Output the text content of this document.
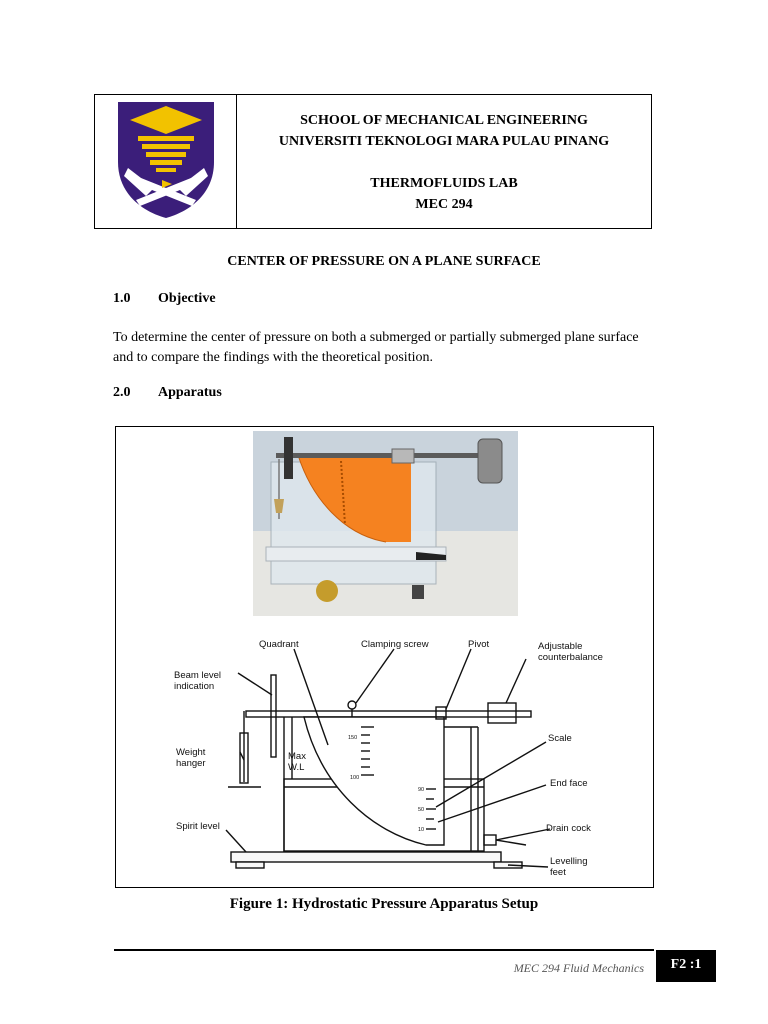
SCHOOL OF MECHANICAL ENGINEERING
UNIVERSITI TEKNOLOGI MARA PULAU PINANG
THERMOFLUIDS LAB
MEC 294
CENTER OF PRESSURE ON A PLANE SURFACE
1.0 Objective
To determine the center of pressure on both a submerged or partially submerged plane surface and to compare the findings with the theoretical position.
2.0 Apparatus
Quadrant	Clamping screw	Pivot	Adjustable
counterbalance
Beam level
indication
Weight
hanger
Max
W.L
Scale
End face
Spirit level	Drain cock
Levelling
feet
150
100
90
50
10
Figure 1: Hydrostatic Pressure Apparatus Setup
MEC 294 Fluid Mechanics	F2 :1
